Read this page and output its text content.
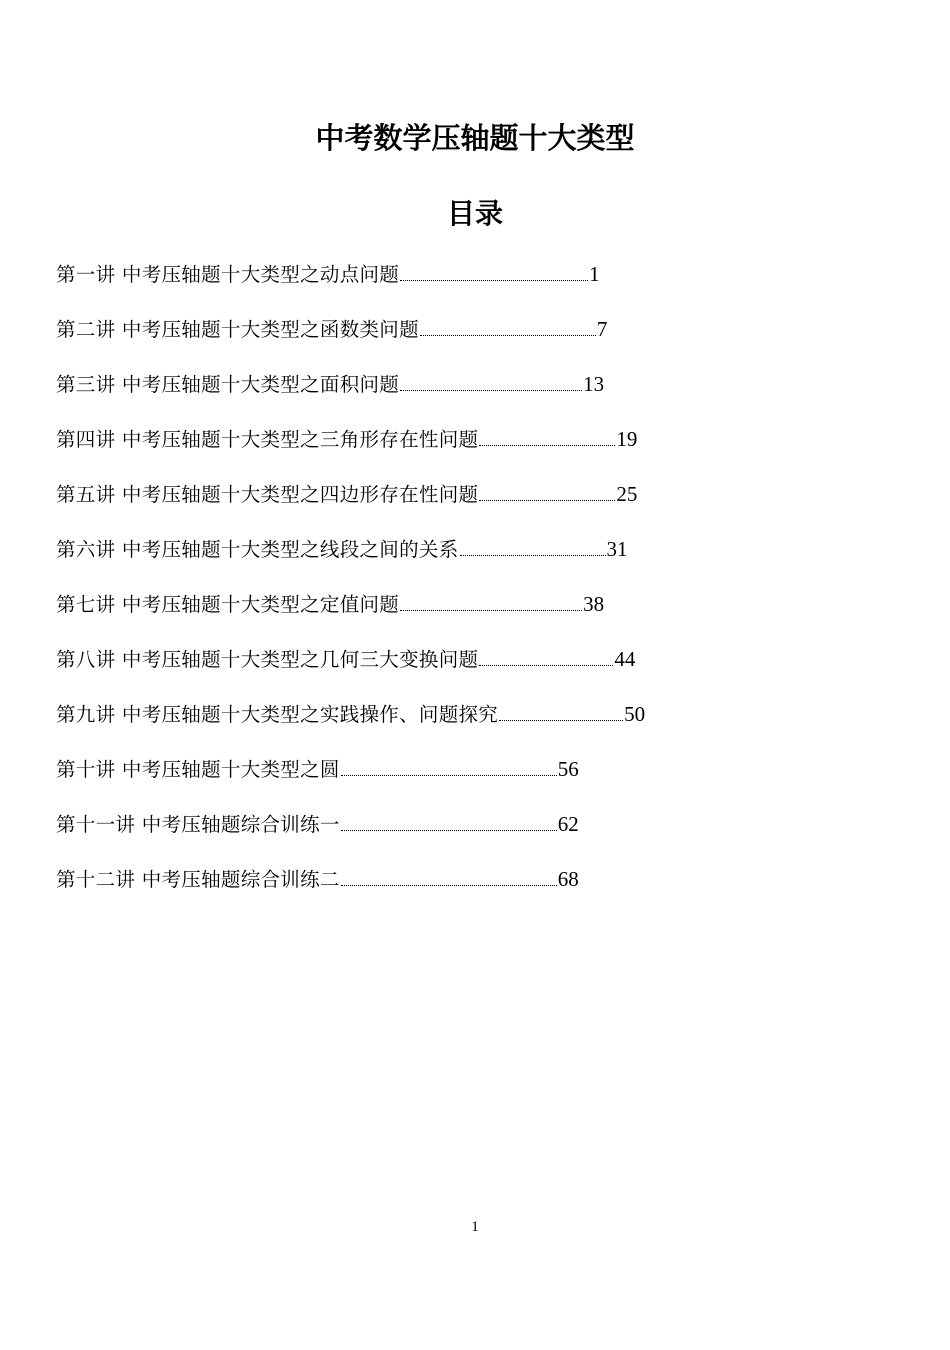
中考数学压轴题十大类型
目录
第一讲 中考压轴题十大类型之动点问题	1
第二讲 中考压轴题十大类型之函数类问题	7
第三讲 中考压轴题十大类型之面积问题	13
第四讲 中考压轴题十大类型之三角形存在性问题	19
第五讲 中考压轴题十大类型之四边形存在性问题	25
第六讲 中考压轴题十大类型之线段之间的关系	31
第七讲 中考压轴题十大类型之定值问题	38
第八讲 中考压轴题十大类型之几何三大变换问题	44
第九讲 中考压轴题十大类型之实践操作、问题探究	50
第十讲 中考压轴题十大类型之圆	56
第十一讲 中考压轴题综合训练一	62
第十二讲 中考压轴题综合训练二	68
1
